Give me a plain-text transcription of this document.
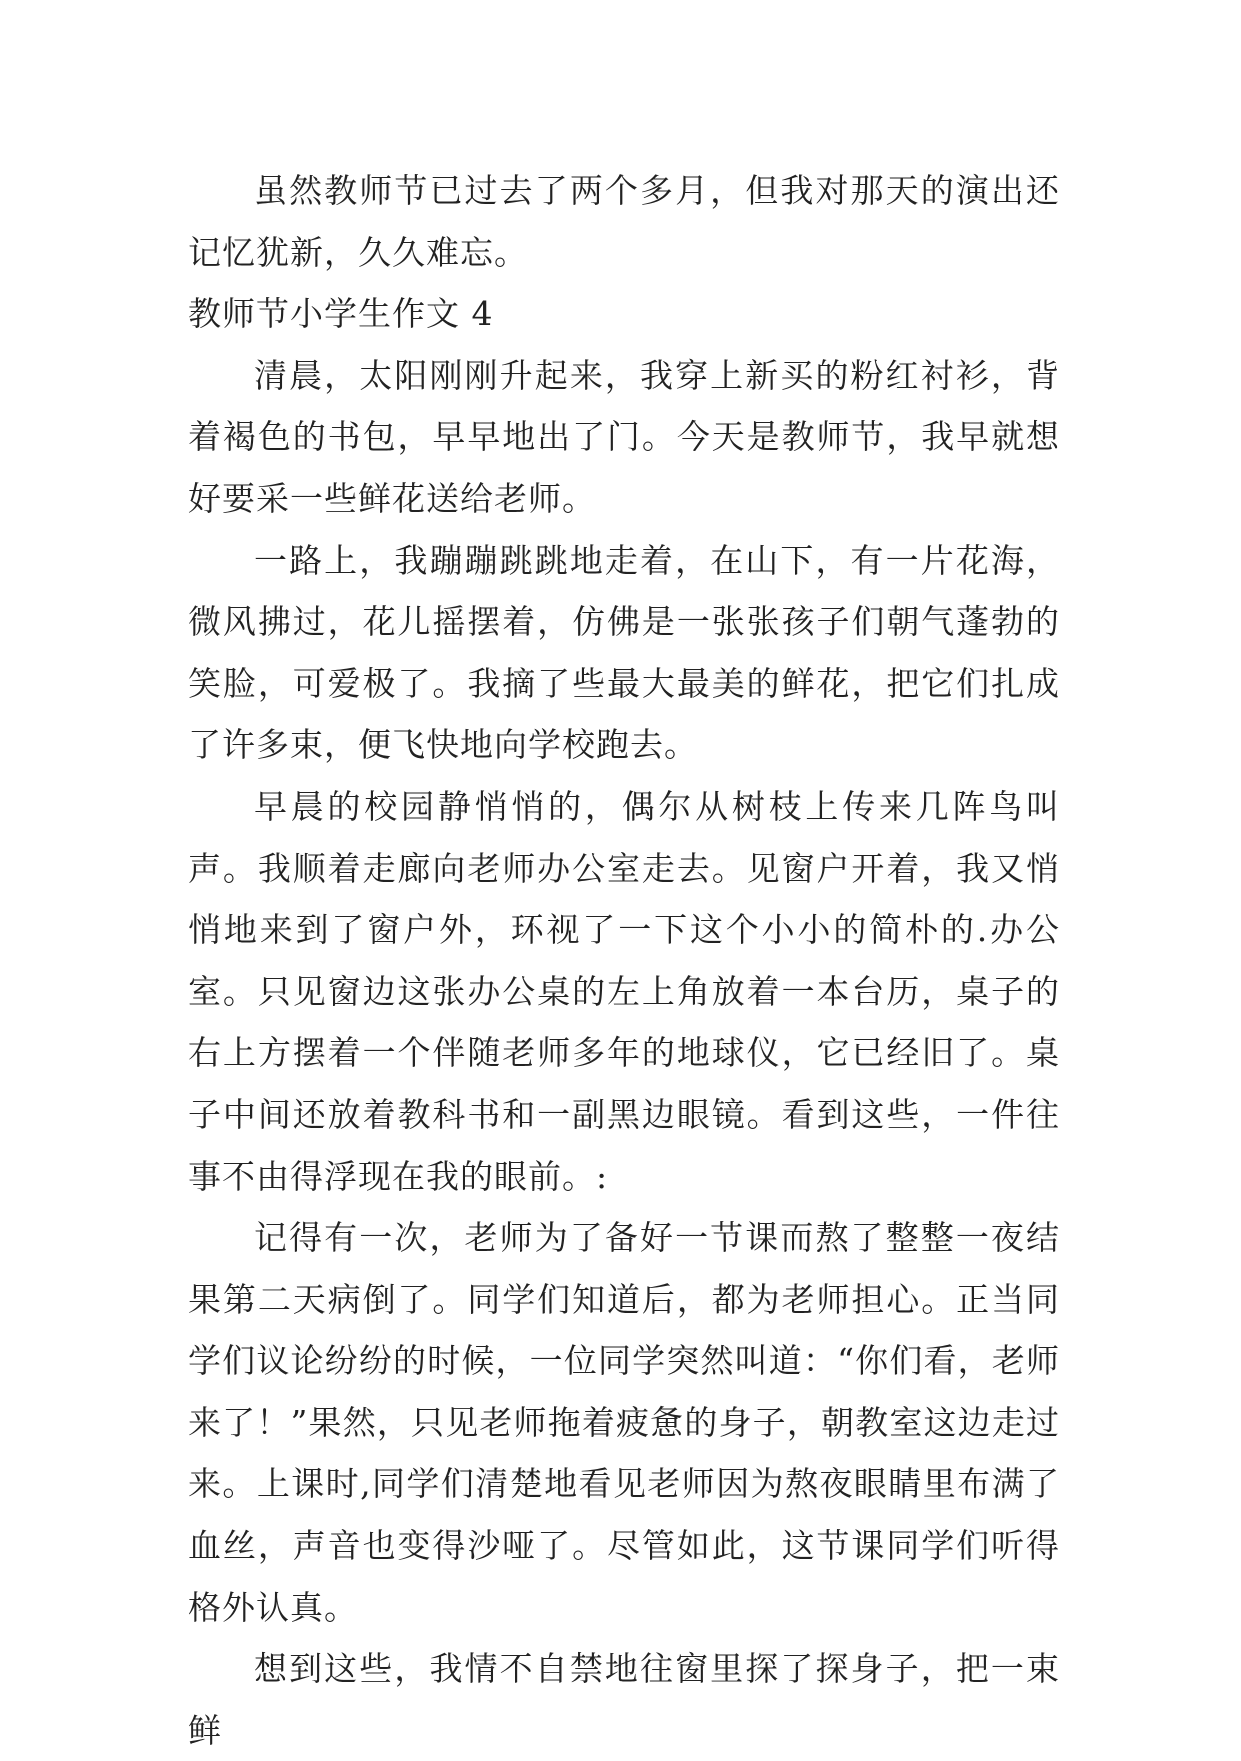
虽然教师节已过去了两个多月，但我对那天的演出还记忆犹新，久久难忘。

教师节小学生作文 4

清晨，太阳刚刚升起来，我穿上新买的粉红衬衫，背着褐色的书包，早早地出了门。今天是教师节，我早就想好要采一些鲜花送给老师。

一路上，我蹦蹦跳跳地走着，在山下，有一片花海，微风拂过，花儿摇摆着，仿佛是一张张孩子们朝气蓬勃的笑脸，可爱极了。我摘了些最大最美的鲜花，把它们扎成了许多束，便飞快地向学校跑去。

早晨的校园静悄悄的，偶尔从树枝上传来几阵鸟叫声。我顺着走廊向老师办公室走去。见窗户开着，我又悄悄地来到了窗户外，环视了一下这个小小的简朴的.办公室。只见窗边这张办公桌的左上角放着一本台历，桌子的右上方摆着一个伴随老师多年的地球仪，它已经旧了。桌子中间还放着教科书和一副黑边眼镜。看到这些，一件往事不由得浮现在我的眼前。:

记得有一次，老师为了备好一节课而熬了整整一夜结果第二天病倒了。同学们知道后，都为老师担心。正当同学们议论纷纷的时候，一位同学突然叫道：“你们看，老师来了！”果然，只见老师拖着疲惫的身子，朝教室这边走过来。上课时,同学们清楚地看见老师因为熬夜眼睛里布满了血丝，声音也变得沙哑了。尽管如此，这节课同学们听得格外认真。

想到这些，我情不自禁地往窗里探了探身子，把一束鲜
